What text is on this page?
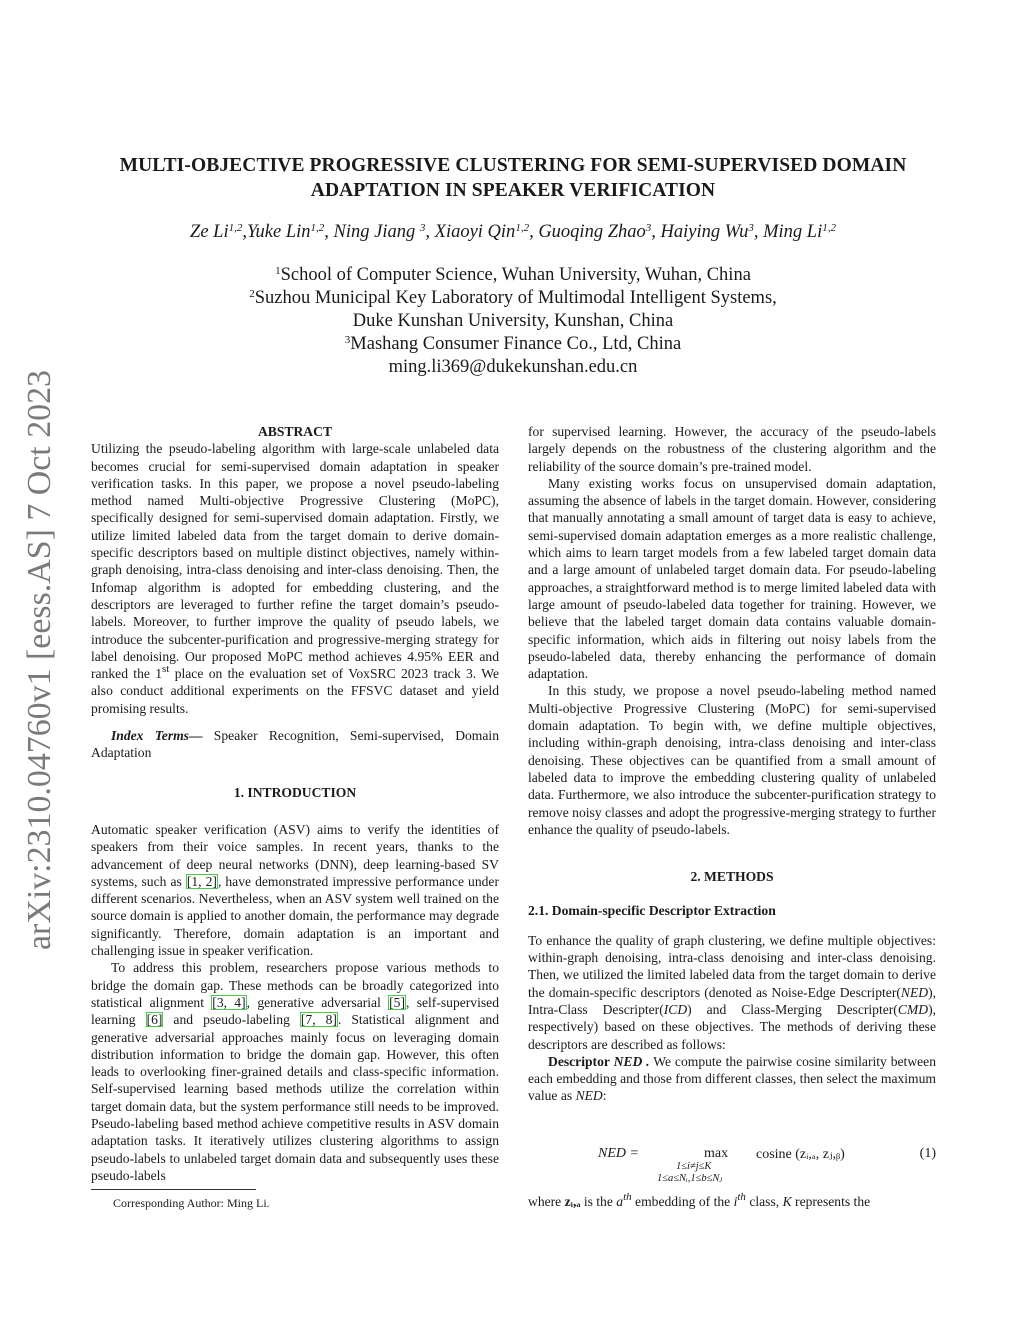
arXiv:2310.04760v1 [eess.AS] 7 Oct 2023
MULTI-OBJECTIVE PROGRESSIVE CLUSTERING FOR SEMI-SUPERVISED DOMAIN
ADAPTATION IN SPEAKER VERIFICATION
Ze Li$^{1,2}$,Yuke Lin$^{1,2}$, Ning Jiang $^3$, Xiaoyi Qin$^{1,2}$, Guoqing Zhao$^3$, Haiying Wu$^3$, Ming Li$^{1,2}$
$^1$School of Computer Science, Wuhan University, Wuhan, China
$^2$Suzhou Municipal Key Laboratory of Multimodal Intelligent Systems,
Duke Kunshan University, Kunshan, China
$^3$Mashang Consumer Finance Co., Ltd, China
ming.li369@dukekunshan.edu.cn
ABSTRACT

Utilizing the pseudo-labeling algorithm with large-scale unlabeled data becomes crucial for semi-supervised domain adaptation in speaker verification tasks. In this paper, we propose a novel pseudo-labeling method named Multi-objective Progressive Clustering (MoPC), specifically designed for semi-supervised domain adaptation. Firstly, we utilize limited labeled data from the target domain to derive domain-specific descriptors based on multiple distinct objectives, namely within-graph denoising, intra-class denoising and inter-class denoising. Then, the Infomap algorithm is adopted for embedding clustering, and the descriptors are leveraged to further refine the target domain’s pseudo-labels. Moreover, to further improve the quality of pseudo labels, we introduce the subcenter-purification and progressive-merging strategy for label denoising. Our proposed MoPC method achieves 4.95% EER and ranked the 1st place on the evaluation set of VoxSRC 2023 track 3. We also conduct additional experiments on the FFSVC dataset and yield promising results.

Index Terms— Speaker Recognition, Semi-supervised, Domain Adaptation

1. INTRODUCTION

Automatic speaker verification (ASV) aims to verify the identities of speakers from their voice samples. In recent years, thanks to the advancement of deep neural networks (DNN), deep learning-based SV systems, such as [1, 2], have demonstrated impressive performance under different scenarios. Nevertheless, when an ASV system well trained on the source domain is applied to another domain, the performance may degrade significantly. Therefore, domain adaptation is an important and challenging issue in speaker verification.

To address this problem, researchers propose various methods to bridge the domain gap. These methods can be broadly categorized into statistical alignment [3, 4], generative adversarial [5], self-supervised learning [6] and pseudo-labeling [7, 8]. Statistical alignment and generative adversarial approaches mainly focus on leveraging domain distribution information to bridge the domain gap. However, this often leads to overlooking finer-grained details and class-specific information. Self-supervised learning based methods utilize the correlation within target domain data, but the system performance still needs to be improved. Pseudo-labeling based method achieve competitive results in ASV domain adaptation tasks. It iteratively utilizes clustering algorithms to assign pseudo-labels to unlabeled target domain data and subsequently uses these pseudo-labels

Corresponding Author: Ming Li.

for supervised learning. However, the accuracy of the pseudo-labels largely depends on the robustness of the clustering algorithm and the reliability of the source domain’s pre-trained model.

Many existing works focus on unsupervised domain adaptation, assuming the absence of labels in the target domain. However, considering that manually annotating a small amount of target data is easy to achieve, semi-supervised domain adaptation emerges as a more realistic challenge, which aims to learn target models from a few labeled target domain data and a large amount of unlabeled target domain data. For pseudo-labeling approaches, a straightforward method is to merge limited labeled data with large amount of pseudo-labeled data together for training. However, we believe that the labeled target domain data contains valuable domain-specific information, which aids in filtering out noisy labels from the pseudo-labeled data, thereby enhancing the performance of domain adaptation.

In this study, we propose a novel pseudo-labeling method named Multi-objective Progressive Clustering (MoPC) for semi-supervised domain adaptation. To begin with, we define multiple objectives, including within-graph denoising, intra-class denoising and inter-class denoising. These objectives can be quantified from a small amount of labeled data to improve the embedding clustering quality of unlabeled data. Furthermore, we also introduce the subcenter-purification strategy to remove noisy classes and adopt the progressive-merging strategy to further enhance the quality of pseudo-labels.

2. METHODS
2.1. Domain-specific Descriptor Extraction

To enhance the quality of graph clustering, we define multiple objectives: within-graph denoising, intra-class denoising and inter-class denoising. Then, we utilized the limited labeled data from the target domain to derive the domain-specific descriptors (denoted as Noise-Edge Descripter(NED), Intra-Class Descripter(ICD) and Class-Merging Descripter(CMD), respectively) based on these objectives. The methods of deriving these descriptors are described as follows:

Descriptor NED . We compute the pairwise cosine similarity between each embedding and those from different classes, then select the maximum value as NED:

NED =	max
1≤i≠j≤K
1≤a≤Nᵢ,1≤b≤Nⱼ
cosine (zᵢ,ₐ, zⱼ,ᵦ)	(1)

where zᵢ,ₐ is the $a^{th}$ embedding of the $i^{th}$ class, K represents the
